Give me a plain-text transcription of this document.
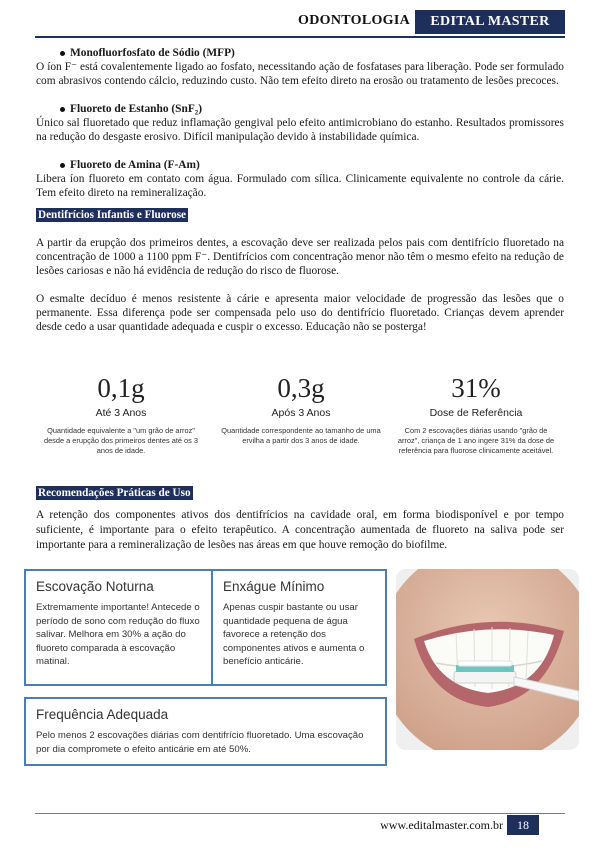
ODONTOLOGIA	EDITAL MASTER
Monofluorfosfato de Sódio (MFP)

O íon F⁻ está covalentemente ligado ao fosfato, necessitando ação de fosfatases para liberação. Pode ser formulado com abrasivos contendo cálcio, reduzindo custo. Não tem efeito direto na erosão ou tratamento de lesões precoces.

Fluoreto de Estanho (SnF₂)

Único sal fluoretado que reduz inflamação gengival pelo efeito antimicrobiano do estanho. Resultados promissores na redução do desgaste erosivo. Difícil manipulação devido à instabilidade química.

Fluoreto de Amina (F-Am)

Libera íon fluoreto em contato com água. Formulado com sílica. Clinicamente equivalente no controle da cárie. Tem efeito direto na remineralização.

Dentifrícios Infantis e Fluorose

A partir da erupção dos primeiros dentes, a escovação deve ser realizada pelos pais com dentifrício fluoretado na concentração de 1000 a 1100 ppm F⁻. Dentifrícios com concentração menor não têm o mesmo efeito na redução de lesões cariosas e não há evidência de redução do risco de fluorose.

O esmalte decíduo é menos resistente à cárie e apresenta maior velocidade de progressão das lesões que o permanente. Essa diferença pode ser compensada pelo uso do dentifrício fluoretado. Crianças devem aprender desde cedo a usar quantidade adequada e cuspir o excesso. Educação não se posterga!

0,1g
Até 3 Anos
Quantidade equivalente a "um grão de arroz" desde a erupção dos primeiros dentes até os 3 anos de idade.
0,3g
Após 3 Anos
Quantidade correspondente ao tamanho de uma ervilha a partir dos 3 anos de idade.
31%
Dose de Referência
Com 2 escovações diárias usando "grão de arroz", criança de 1 ano ingere 31% da dose de referência para fluorose clinicamente aceitável.
Recomendações Práticas de Uso

A retenção dos componentes ativos dos dentifrícios na cavidade oral, em forma biodisponível e por tempo suficiente, é importante para o efeito terapêutico. A concentração aumentada de fluoreto na saliva pode ser importante para a remineralização de lesões nas áreas em que houve remoção do biofilme.

Escovação Noturna
Extremamente importante! Antecede o período de sono com redução do fluxo salivar. Melhora em 30% a ação do fluoreto comparada à escovação matinal.
Enxágue Mínimo
Apenas cuspir bastante ou usar quantidade pequena de água favorece a retenção dos componentes ativos e aumenta o benefício anticárie.
Frequência Adequada
Pelo menos 2 escovações diárias com dentifrício fluoretado. Uma escovação por dia compromete o efeito anticárie em até 50%.
www.editalmaster.com.br	18
